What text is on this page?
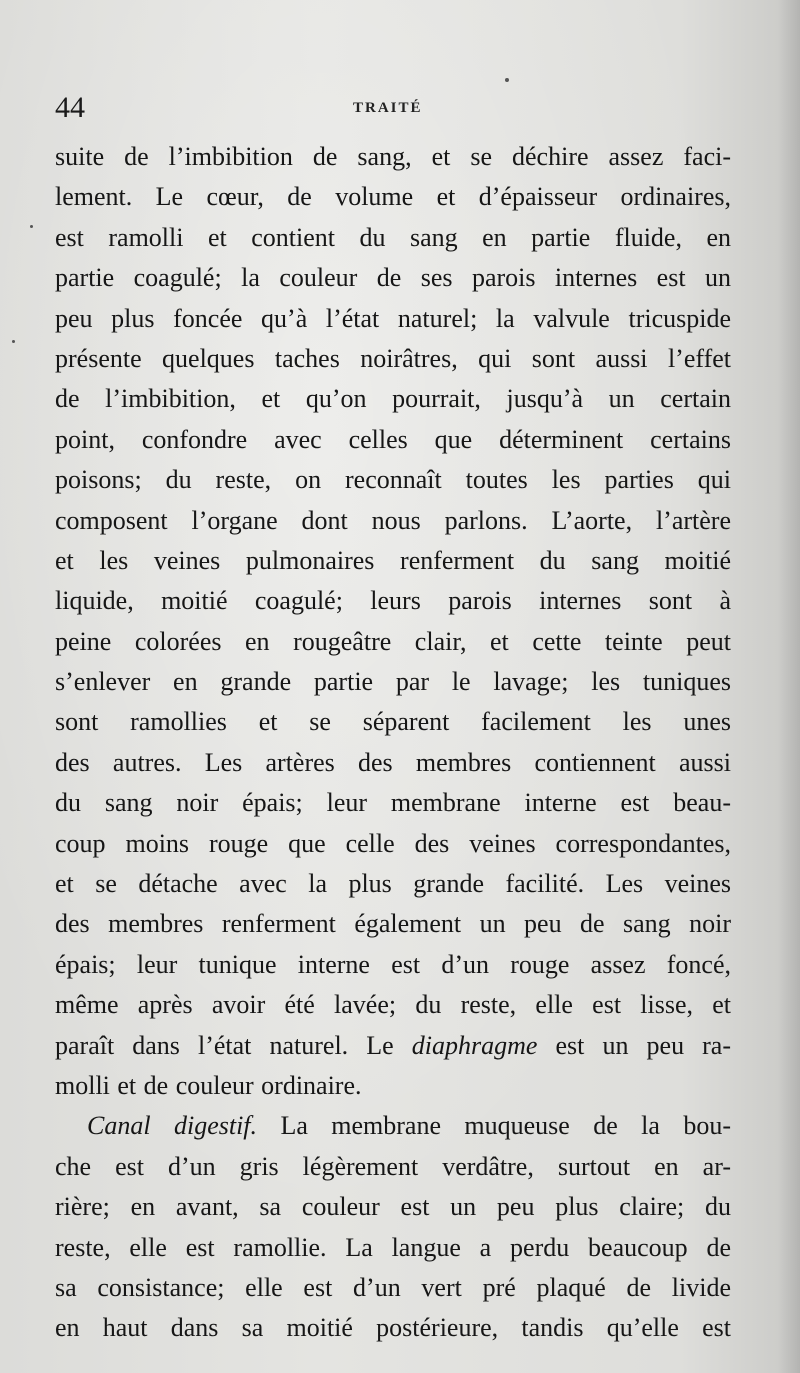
44	TRAITÉ
suite de l’imbibition de sang, et se déchire assez faci-
lement. Le cœur, de volume et d’épaisseur ordinaires,
est ramolli et contient du sang en partie fluide, en
partie coagulé; la couleur de ses parois internes est un
peu plus foncée qu’à l’état naturel; la valvule tricuspide
présente quelques taches noirâtres, qui sont aussi l’effet
de l’imbibition, et qu’on pourrait, jusqu’à un certain
point, confondre avec celles que déterminent certains
poisons; du reste, on reconnaît toutes les parties qui
composent l’organe dont nous parlons. L’aorte, l’artère
et les veines pulmonaires renferment du sang moitié
liquide, moitié coagulé; leurs parois internes sont à
peine colorées en rougeâtre clair, et cette teinte peut
s’enlever en grande partie par le lavage; les tuniques
sont ramollies et se séparent facilement les unes
des autres. Les artères des membres contiennent aussi
du sang noir épais; leur membrane interne est beau-
coup moins rouge que celle des veines correspondantes,
et se détache avec la plus grande facilité. Les veines
des membres renferment également un peu de sang noir
épais; leur tunique interne est d’un rouge assez foncé,
même après avoir été lavée; du reste, elle est lisse, et
paraît dans l’état naturel. Le diaphragme est un peu ra-
molli et de couleur ordinaire.
Canal digestif. La membrane muqueuse de la bou-
che est d’un gris légèrement verdâtre, surtout en ar-
rière; en avant, sa couleur est un peu plus claire; du
reste, elle est ramollie. La langue a perdu beaucoup de
sa consistance; elle est d’un vert pré plaqué de livide
en haut dans sa moitié postérieure, tandis qu’elle est
